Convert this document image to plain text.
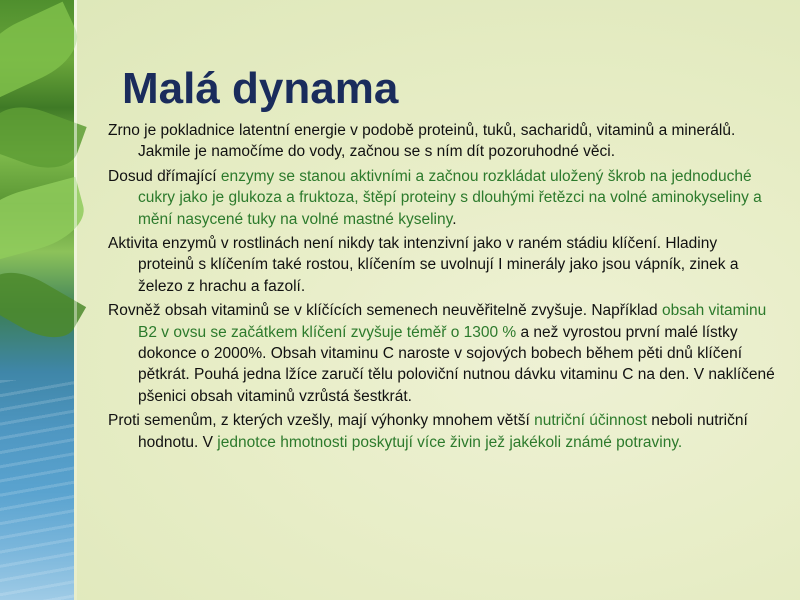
Malá dynama

Zrno je pokladnice latentní energie v podobě proteinů, tuků, sacharidů, vitaminů a minerálů. Jakmile je namočíme do vody, začnou se s ním dít pozoruhodné věci.

Dosud dřímající enzymy se stanou aktivními a začnou rozkládat uložený škrob na jednoduché cukry jako je glukoza a fruktoza, štěpí proteiny s dlouhými řetězci na volné aminokyseliny a mění nasycené tuky na volné mastné kyseliny.

Aktivita enzymů v rostlinách není nikdy tak intenzivní jako v raném stádiu klíčení. Hladiny proteinů s klíčením také rostou, klíčením se uvolnují I minerály jako jsou vápník, zinek a železo z hrachu a fazolí.

Rovněž obsah vitaminů se v klíčících semenech neuvěřitelně zvyšuje. Například obsah vitaminu B2 v ovsu se začátkem klíčení zvyšuje téměř o 1300 % a než vyrostou první malé lístky dokonce o 2000%. Obsah vitaminu C naroste v sojových bobech během pěti dnů klíčení pětkrát. Pouhá jedna lžíce zaručí tělu poloviční nutnou dávku vitaminu C na den. V naklíčené pšenici obsah vitaminů vzrůstá šestkrát.

Proti semenům, z kterých vzešly, mají výhonky mnohem větší nutriční účinnost neboli nutriční hodnotu. V jednotce hmotnosti poskytují více živin jež jakékoli známé potraviny.
